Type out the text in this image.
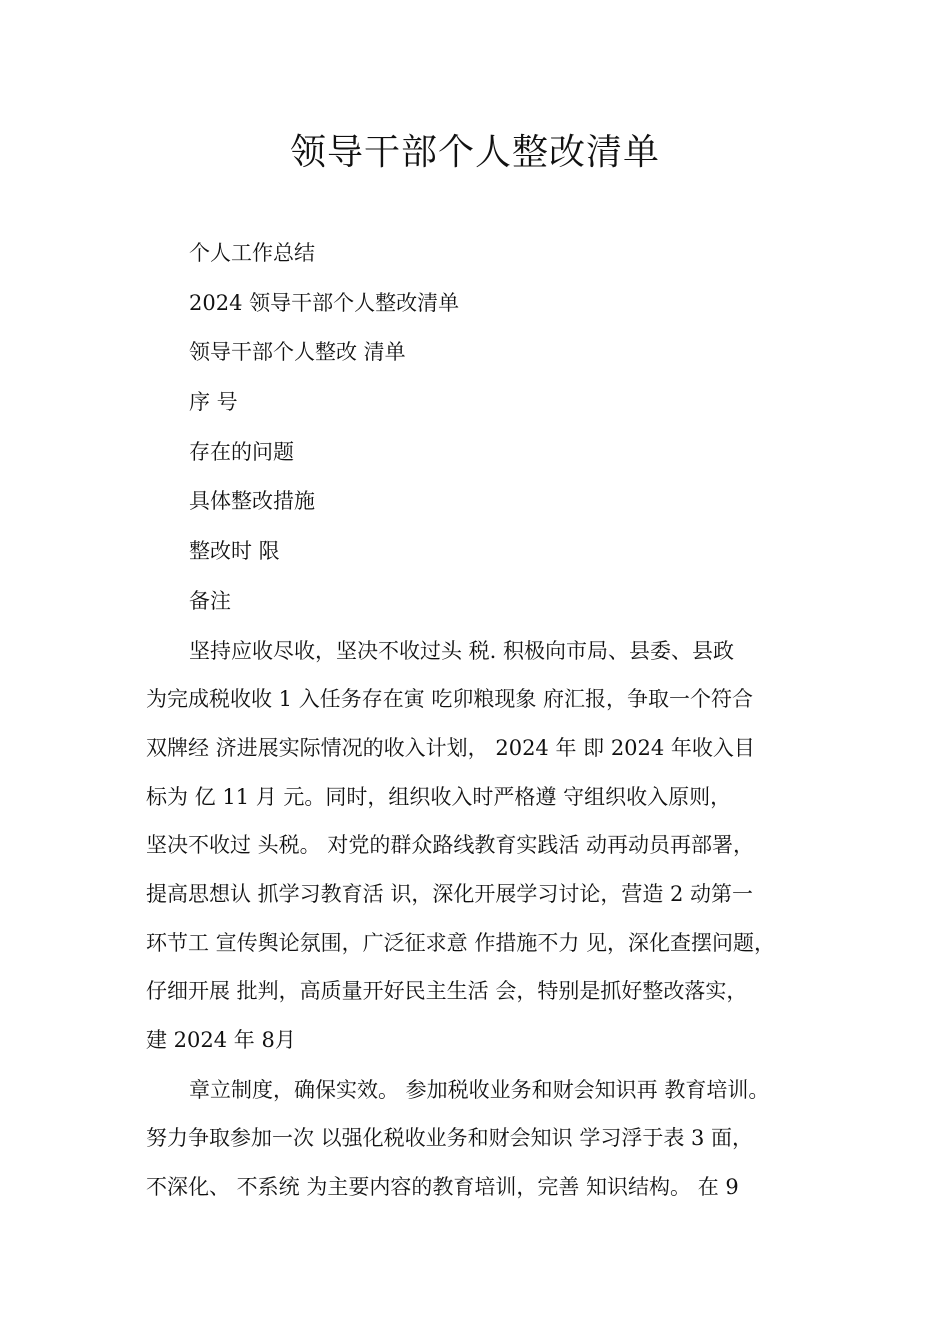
领导干部个人整改清单
个人工作总结
2024 领导干部个人整改清单
领导干部个人整改 清单
序 号
存在的问题
具体整改措施
整改时 限
备注
坚持应收尽收，坚决不收过头 税. 积极向市局、县委、县政
为完成税收收 1 入任务存在寅 吃卯粮现象 府汇报，争取一个符合
双牌经 济进展实际情况的收入计划， 2024 年 即 2024 年收入目
标为 亿 11 月 元。同时，组织收入时严格遵 守组织收入原则，
坚决不收过 头税。 对党的群众路线教育实践活 动再动员再部署，
提高思想认 抓学习教育活 识，深化开展学习讨论，营造 2 动第一
环节工 宣传舆论氛围，广泛征求意 作措施不力 见，深化查摆问题，
仔细开展 批判，高质量开好民主生活 会，特别是抓好整改落实，
建 2024 年 8月
章立制度，确保实效。 参加税收业务和财会知识再 教育培训。
努力争取参加一次 以强化税收业务和财会知识 学习浮于表 3 面，
不深化、 不系统 为主要内容的教育培训，完善 知识结构。 在 9
